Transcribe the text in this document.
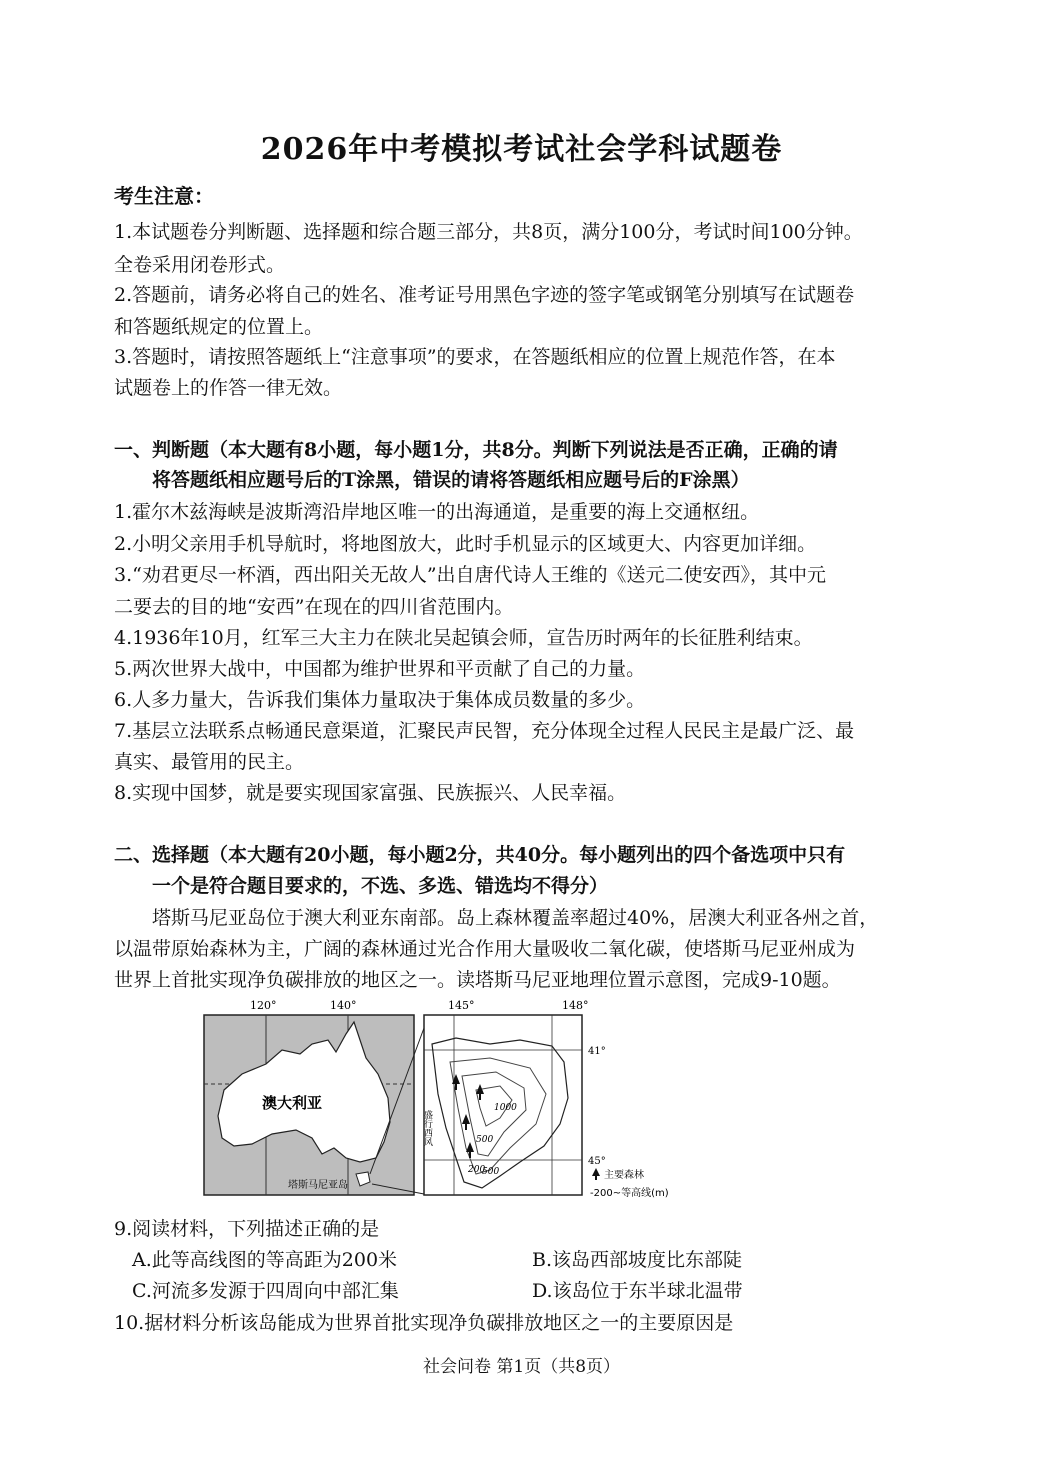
2026年中考模拟考试社会学科试题卷
考生注意：
1.本试题卷分判断题、选择题和综合题三部分，共8页，满分100分，考试时间100分钟。
全卷采用闭卷形式。
2.答题前，请务必将自己的姓名、准考证号用黑色字迹的签字笔或钢笔分别填写在试题卷
和答题纸规定的位置上。
3.答题时，请按照答题纸上“注意事项”的要求，在答题纸相应的位置上规范作答，在本
试题卷上的作答一律无效。
一、判断题（本大题有8小题，每小题1分，共8分。判断下列说法是否正确，正确的请
将答题纸相应题号后的T涂黑，错误的请将答题纸相应题号后的F涂黑）
1.霍尔木兹海峡是波斯湾沿岸地区唯一的出海通道，是重要的海上交通枢纽。
2.小明父亲用手机导航时，将地图放大，此时手机显示的区域更大、内容更加详细。
3.“劝君更尽一杯酒，西出阳关无故人”出自唐代诗人王维的《送元二使安西》，其中元
二要去的目的地“安西”在现在的四川省范围内。
4.1936年10月，红军三大主力在陕北吴起镇会师，宣告历时两年的长征胜利结束。
5.两次世界大战中，中国都为维护世界和平贡献了自己的力量。
6.人多力量大，告诉我们集体力量取决于集体成员数量的多少。
7.基层立法联系点畅通民意渠道，汇聚民声民智，充分体现全过程人民民主是最广泛、最
真实、最管用的民主。
8.实现中国梦，就是要实现国家富强、民族振兴、人民幸福。
二、选择题（本大题有20小题，每小题2分，共40分。每小题列出的四个备选项中只有
一个是符合题目要求的，不选、多选、错选均不得分）
塔斯马尼亚岛位于澳大利亚东南部。岛上森林覆盖率超过40%，居澳大利亚各州之首，
以温带原始森林为主，广阔的森林通过光合作用大量吸收二氧化碳，使塔斯马尼亚州成为
世界上首批实现净负碳排放的地区之一。读塔斯马尼亚地理位置示意图，完成9-10题。
120°	140°
澳大利亚
塔斯马尼亚岛
145°	148°
41°
45°
盛行西风
1000
500
200
500	主要森林
-200~等高线(m)
9.阅读材料，下列描述正确的是
A.此等高线图的等高距为200米	B.该岛西部坡度比东部陡
C.河流多发源于四周向中部汇集	D.该岛位于东半球北温带
10.据材料分析该岛能成为世界首批实现净负碳排放地区之一的主要原因是
社会问卷 第1页（共8页）
